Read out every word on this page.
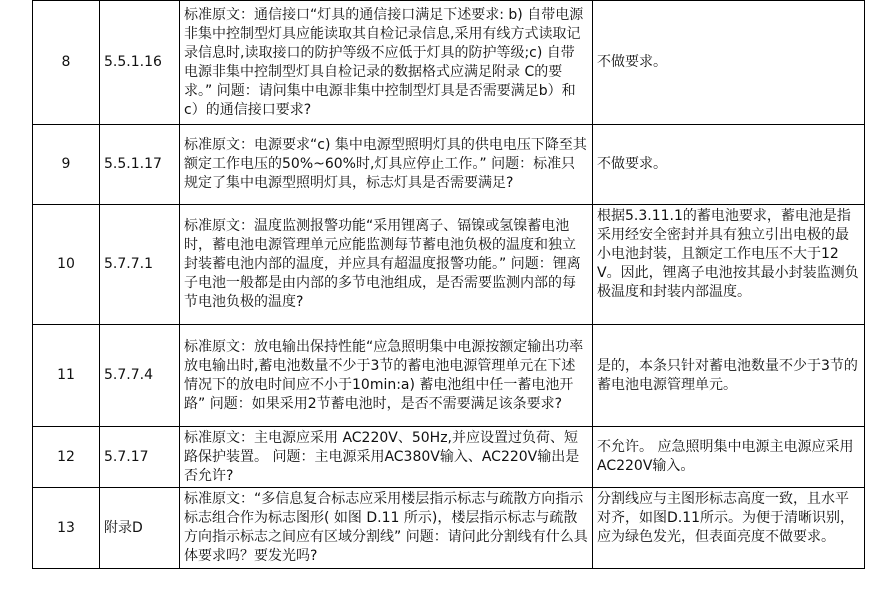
8	5.5.1.16	标准原文：通信接口“灯具的通信接口满足下述要求: b) 自带电源非集中控制型灯具应能读取其自检记录信息,采用有线方式读取记录信息时,读取接口的防护等级不应低于灯具的防护等级;c) 自带电源非集中控制型灯具自检记录的数据格式应满足附录 C的要求。” 问题：请问集中电源非集中控制型灯具是否需要满足b）和c）的通信接口要求?	不做要求。
9	5.5.1.17	标准原文：电源要求“c) 集中电源型照明灯具的供电电压下降至其额定工作电压的50%~60%时,灯具应停止工作。” 问题：标准只规定了集中电源型照明灯具，标志灯具是否需要满足?	不做要求。
10	5.7.7.1	标准原文：温度监测报警功能“采用锂离子、镉镍或氢镍蓄电池时，蓄电池电源管理单元应能监测每节蓄电池负极的温度和独立封装蓄电池内部的温度，并应具有超温度报警功能。” 问题：锂离子电池一般都是由内部的多节电池组成，是否需要监测内部的每节电池负极的温度?	根据5.3.11.1的蓄电池要求，蓄电池是指采用经安全密封并具有独立引出电极的最小电池封装，且额定工作电压不大于12V。因此，锂离子电池按其最小封装监测负极温度和封装内部温度。
11	5.7.7.4	标准原文：放电输出保持性能“应急照明集中电源按额定输出功率放电输出时,蓄电池数量不少于3节的蓄电池电源管理单元在下述情况下的放电时间应不小于10min:a) 蓄电池组中任一蓄电池开路” 问题：如果采用2节蓄电池时，是否不需要满足该条要求?	是的，本条只针对蓄电池数量不少于3节的蓄电池电源管理单元。
12	5.7.17	标准原文：主电源应采用 AC220V、50Hz,并应设置过负荷、短路保护装置。 问题：主电源采用AC380V输入、AC220V输出是否允许?	不允许。 应急照明集中电源主电源应采用AC220V输入。
13	附录D	标准原文：“多信息复合标志应采用楼层指示标志与疏散方向指示标志组合作为标志图形( 如图 D.11 所示)，楼层指示标志与疏散方向指示标志之间应有区域分割线” 问题：请问此分割线有什么具体要求吗？要发光吗?	分割线应与主图形标志高度一致，且水平对齐，如图D.11所示。为便于清晰识别，应为绿色发光，但表面亮度不做要求。
